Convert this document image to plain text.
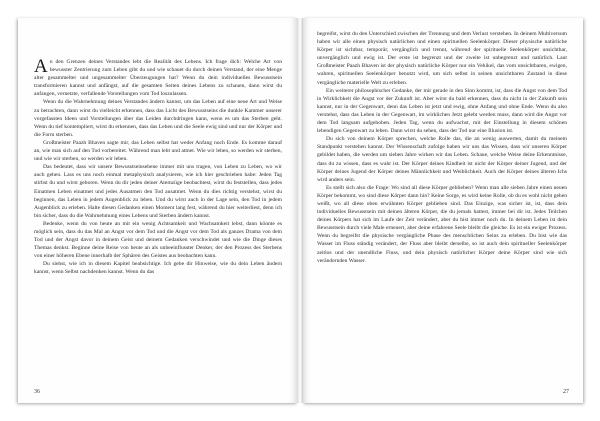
An den Grenzen deines Verstandes lebt die Realität des Lebens. Ich frage dich: Welche Art von bewusster Zentrierung zum Leben gibt du und wie schauet du durch deinen Verstand, der eine Menge alter gesammelter und ungesammelter Überzeugungen hat? Wenn du dein individuelles Bewusstsein transformieren kannst und anfängst, auf die gesamten Seiten deines Lebens zu schauen, dann wirst du anfangen, vernetzte, verfallende Vorstellungen vom Tod loszulassen.

Wenn du die Wahrnehmung deines Verstandes ändern kannst, um das Leben auf eine neue Art und Weise zu betrachten, dann wirst du vielleicht erkennen, dass das Licht des Bewusstseins die dunkle Kammer unserer vorgefassten Ideen und Vorstellungen über das Leiden durchdringen kann, wenn es um das Sterben geht. Wenn du tief kontempliert, wirst du erkennen, dass das Leben und die Seele ewig sind und nur der Körper und die Form sterben.

Großmeister Paazh Bhaven sagte mir, das Leben selbst hat weder Anfang noch Ende. Es komme darauf an, wie man sich auf den Tod vorbereitet. Während man lebt und atmet. Wie wir leben, so werden wir sterben, und wie wir sterben, so werden wir leben.

Das bedeutet, dass wir unsere Bewusstseinsebene immer mit uns tragen, von Leben zu Leben, wo wir auch gehen. Lass es uns noch einmal metaphysisch analysieren, wie ich hier geschrieben habe: Jeden Tag stirbst du und wirst geboren. Wenn du dir jeden deiner Atemzüge beobachtest, wirst du feststellen, dass jedes Einatmen Leben einatmet und jedes Ausatmen den Tod ausatmet. Wenn du dies richtig verstehst, wirst du beginnen, das Leben in jedem Augenblick zu leben. Und du wirst auch in der Lage sein, den Tod in jedem Augenblick zu erleben. Halte diesen Gedanken einen Moment lang fest, während du hier weiterliest, denn ich bin sicher, dass du die Wahrnehmung eines Lebens und Sterben ändern kannst.

Bedenke, wenn du von heute an mit ein wenig Achtsamkeit und Wachsamkeit lebst, dann könnte es möglich sein, dass du das Mal an Angst vor dem Tod und die Angst vor dem Tod als ganzes Drama von dem Tod und der Angst davor in deinem Geist und deinem Gedanken verschwindet und wie die Dinge dieses Themas denkst. Beginne deine Reise von heute an als unbeeinflusster Denker, der den Prozess des Sterbens von einer höheren Ebene innerhalb der Sphären des Geistes aus beobachten kann.

Du siehst, wie ich in diesem Kapitel beabsichtige. Ich gebe dir Hinweise, wie du dein Leben ändern kannst, wenn Selbst nachdenken kannst. Wenn du das

36

begreifst, wirst du den Unterschied zwischen der Trennung und dem Verlust verstehen. In deinem Multiversum haben wir alle einen physisch natürlichen und einen spirituellen Seelenkörper. Dieser physische natürliche Körper ist sichtbar, temporär, vergänglich und trennt, während der spirituelle Seelenkörper unsichtbar, unvergänglich und ewig ist. Der erste ist begrenzt und der zweite ist unbegrenzt und natürlich. Laut Großmeister Paazh Bhaven ist der physisch natürliche Körper nur ein Vehikel, das vom unsichtbaren, ewigen, wahren, spirituellen Seelenkörper benutzt wird, um sich selbst in seinen unsichtbaren Zustand in diese vergängliche materielle Welt zu erleben.

Ein weiterer philosophischer Gedanke, der mir gerade in den Sinn kommt, ist, dass die Angst von dem Tod in Wirklichkeit die Angst vor der Zukunft ist. Aber wirst du bald erkennen, dass du nicht in der Zukunft sein kannst, nur in der Gegenwart, denn das Leben ist jetzt und ewig, ohne Anfang und ohne Ende. Wenn du also verstehst, dass das Leben in der Gegenwart, im wirklichen Jetzt gelebt werden muss, dann wird die Angst vor dem Tod langsam aufgehoben. Jeden Tag, wenn du aufwachst, mit der Einstellung in diesem schönen lebendigen Gegenwart zu leben. Dann wirst du sehen, dass der Tod nur eine Illusion ist.

Du sich von deinem Körper sprechen, welche Rolle das, die an wenig auswerten, damit du meinem Standpunkt verstehen kannst. Der Wissenschaft zufolge haben wir uns das Wissen, dass wir unseren Körper gebildet haben, die werden um sieben Jahre wirken wir das Leben. Schaue, welche Weise deine Erkenntnisse, dass du zu wissen, dass es wahr ist. Der Körper deines Kindheit ist nicht der Körper deiner Jugend, und der Körper deines Jugend der Körper deines Männlichkeit und Weiblichkeit. Auch der Körper deines älteren Ichs wird anders sein.

Es stellt sich also die Frage: Wo sind all diese Körper geblieben? Wenn man alle sieben Jahre einen neuen Körper bekommt, wo sind diese Körper dann hin? Keine Sorge, es wird keine Rolle, ob du es wohl nicht gehen weißt, wo all diese oben erwähnten Körper geblieben sind. Das Einzige, was sicher ist, ist, dass dein individuelles Bewusstsein mit deinen älteren Körper, die du jemals hattest, immer bei dir ist. Jedes Teilchen deines Körpers hat sich im Laufe der Zeit verändert, aber du bist immer noch du. In deinem Leben ist dein Bewusstsein durch viele Male erneuert, aber deine erfahrene Seele bleibt die gleiche. Es ist ein ewiger Prozess. Wenn du begreifst die physische vergängliche Phase des menschlichen Seins zu erleben. Du bist wie das Wasser im Fluss ständig verändert, der Fluss aber bleibt derselbe, so ist auch dein spiritueller Seelenkörper zeitlos und der unendliche Fluss, und dein physisch natürlicher Körper deine Körper sind wie sich verändernden Wasser.

27
